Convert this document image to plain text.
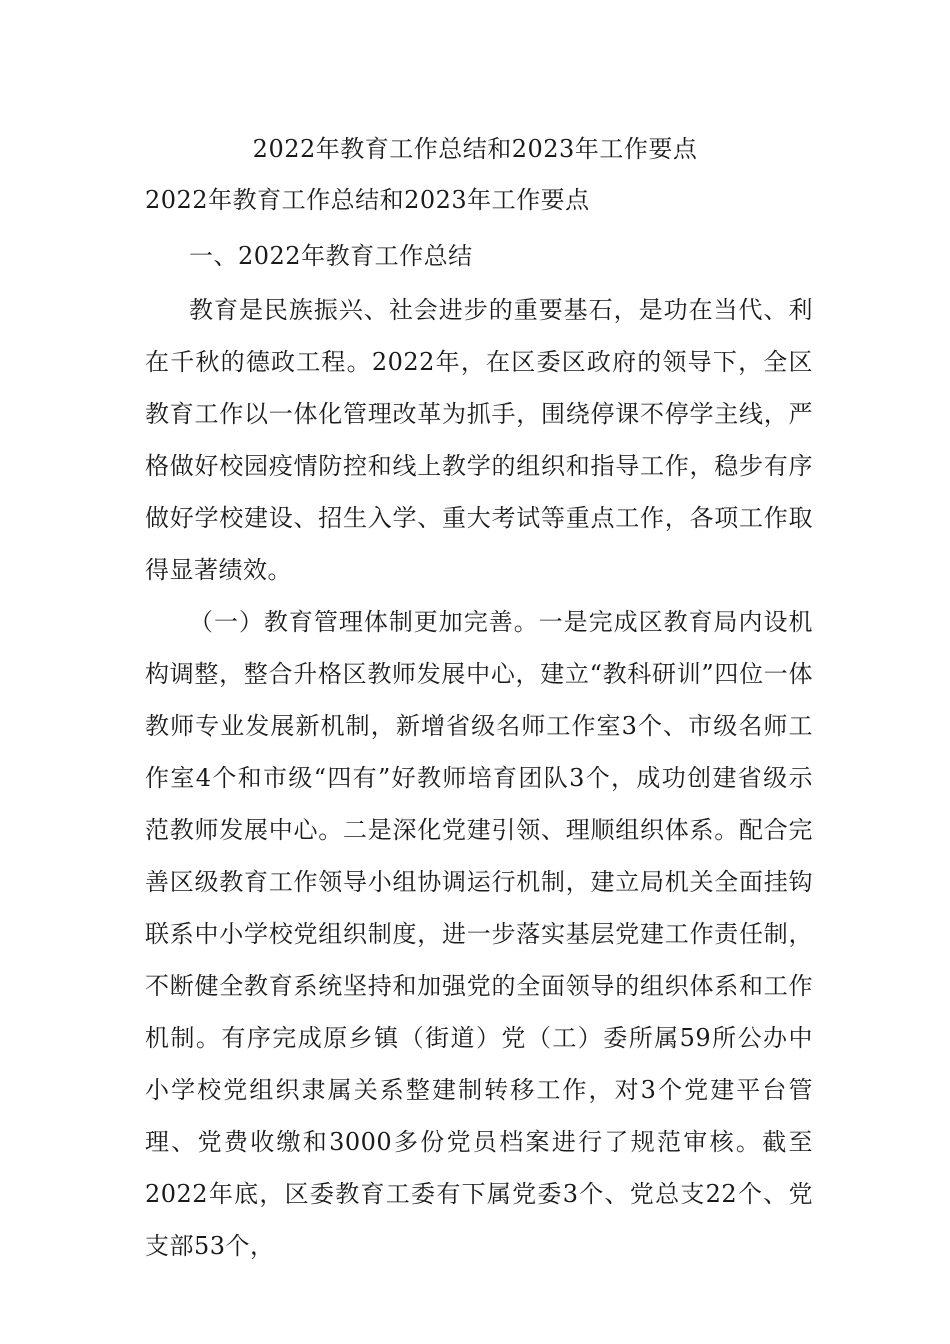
2022年教育工作总结和2023年工作要点
2022年教育工作总结和2023年工作要点
一、2022年教育工作总结

教育是民族振兴、社会进步的重要基石，是功在当代、利在千秋的德政工程。2022年，在区委区政府的领导下，全区教育工作以一体化管理改革为抓手，围绕停课不停学主线，严格做好校园疫情防控和线上教学的组织和指导工作，稳步有序做好学校建设、招生入学、重大考试等重点工作，各项工作取得显著绩效。

（一）教育管理体制更加完善。一是完成区教育局内设机构调整，整合升格区教师发展中心，建立“教科研训”四位一体教师专业发展新机制，新增省级名师工作室3个、市级名师工作室4个和市级“四有”好教师培育团队3个，成功创建省级示范教师发展中心。二是深化党建引领、理顺组织体系。配合完善区级教育工作领导小组协调运行机制，建立局机关全面挂钩联系中小学校党组织制度，进一步落实基层党建工作责任制，不断健全教育系统坚持和加强党的全面领导的组织体系和工作机制。有序完成原乡镇（街道）党（工）委所属59所公办中小学校党组织隶属关系整建制转移工作，对3个党建平台管理、党费收缴和3000多份党员档案进行了规范审核。截至2022年底，区委教育工委有下属党委3个、党总支22个、党支部53个，
